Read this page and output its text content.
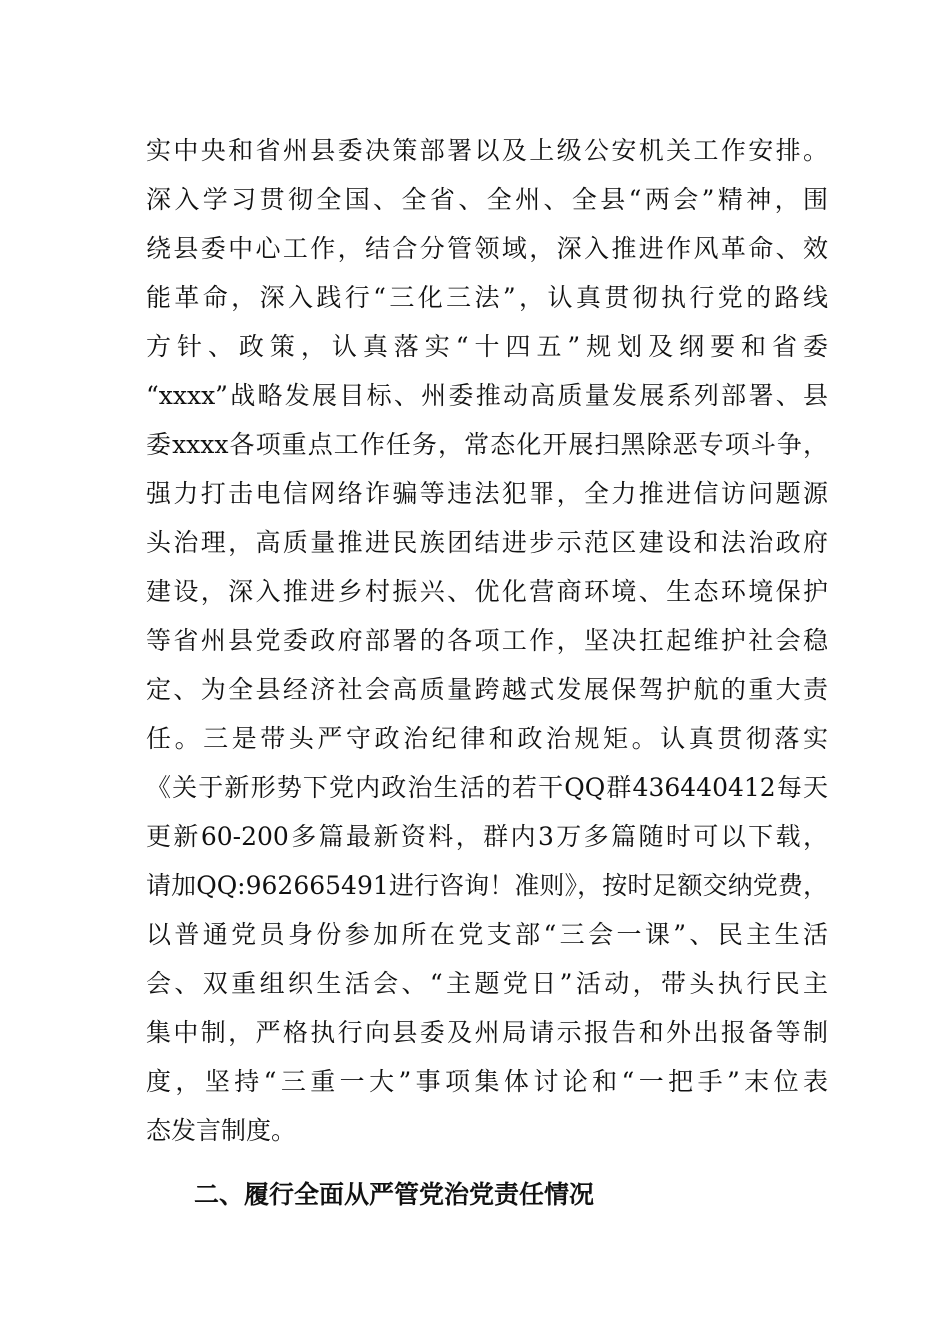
实中央和省州县委决策部署以及上级公安机关工作安排。
深入学习贯彻全国、全省、全州、全县“两会”精神，围
绕县委中心工作，结合分管领域，深入推进作风革命、效
能革命，深入践行“三化三法”，认真贯彻执行党的路线
方针、政策，认真落实“十四五”规划及纲要和省委
“xxxx”战略发展目标、州委推动高质量发展系列部署、县
委xxxx各项重点工作任务，常态化开展扫黑除恶专项斗争，
强力打击电信网络诈骗等违法犯罪，全力推进信访问题源
头治理，高质量推进民族团结进步示范区建设和法治政府
建设，深入推进乡村振兴、优化营商环境、生态环境保护
等省州县党委政府部署的各项工作，坚决扛起维护社会稳
定、为全县经济社会高质量跨越式发展保驾护航的重大责
任。三是带头严守政治纪律和政治规矩。认真贯彻落实
《关于新形势下党内政治生活的若干QQ群436440412每天
更新60-200多篇最新资料，群内3万多篇随时可以下载，
请加QQ:962665491进行咨询！准则》，按时足额交纳党费，
以普通党员身份参加所在党支部“三会一课”、民主生活
会、双重组织生活会、“主题党日”活动，带头执行民主
集中制，严格执行向县委及州局请示报告和外出报备等制
度，坚持“三重一大”事项集体讨论和“一把手”末位表
态发言制度。
二、履行全面从严管党治党责任情况
